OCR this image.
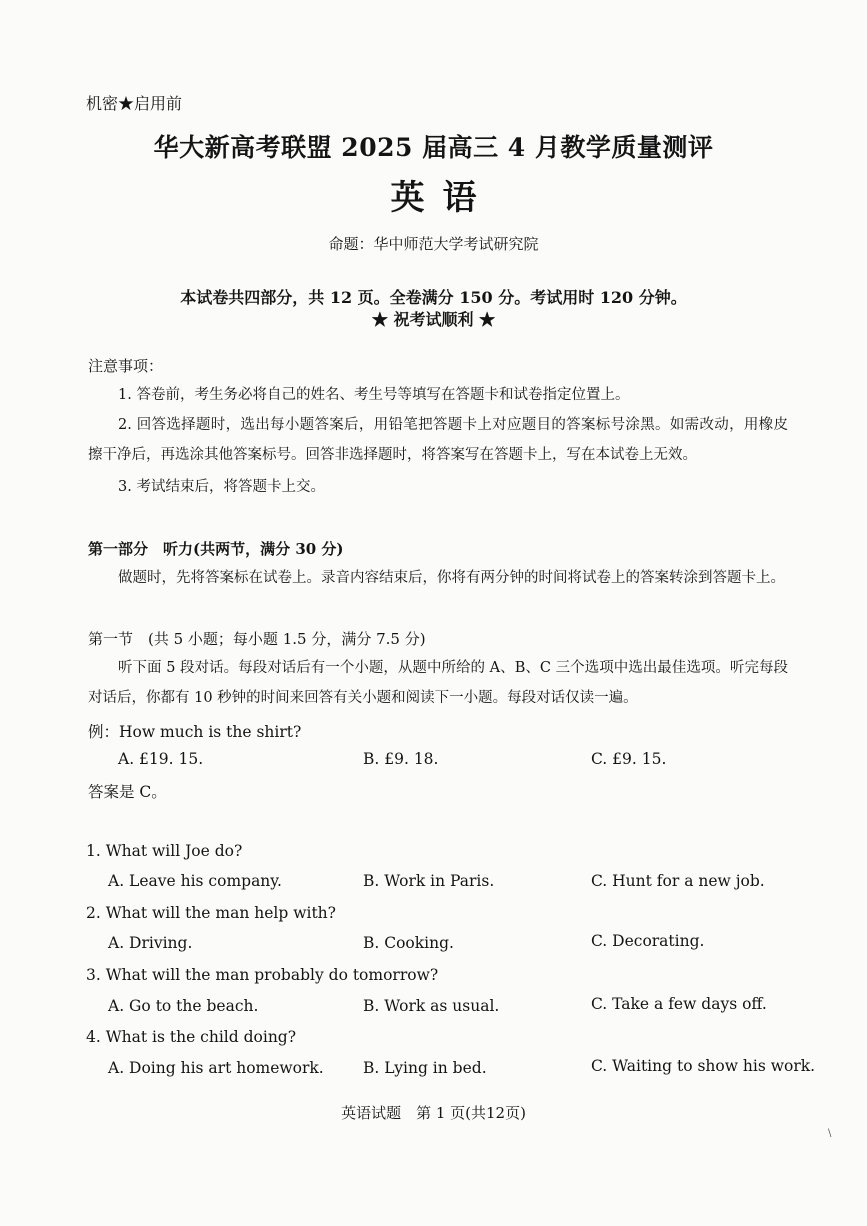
机密★启用前
华大新高考联盟 2025 届高三 4 月教学质量测评
英语
命题：华中师范大学考试研究院
本试卷共四部分，共 12 页。全卷满分 150 分。考试用时 120 分钟。
★ 祝考试顺利 ★
注意事项：
1. 答卷前，考生务必将自己的姓名、考生号等填写在答题卡和试卷指定位置上。
2. 回答选择题时，选出每小题答案后，用铅笔把答题卡上对应题目的答案标号涂黑。如需改动，用橡皮擦干净后，再选涂其他答案标号。回答非选择题时，将答案写在答题卡上，写在本试卷上无效。
3. 考试结束后，将答题卡上交。
第一部分　听力(共两节，满分 30 分)
做题时，先将答案标在试卷上。录音内容结束后，你将有两分钟的时间将试卷上的答案转涂到答题卡上。
第一节　(共 5 小题；每小题 1.5 分，满分 7.5 分)
听下面 5 段对话。每段对话后有一个小题，从题中所给的 A、B、C 三个选项中选出最佳选项。听完每段对话后，你都有 10 秒钟的时间来回答有关小题和阅读下一小题。每段对话仅读一遍。
例：How much is the shirt?
A. £19. 15.	B. £9. 18.	C. £9. 15.
答案是 C。
1. What will Joe do?
A. Leave his company.	B. Work in Paris.	C. Hunt for a new job.
2. What will the man help with?
A. Driving.	B. Cooking.	C. Decorating.
3. What will the man probably do tomorrow?
A. Go to the beach.	B. Work as usual.	C. Take a few days off.
4. What is the child doing?
A. Doing his art homework.	B. Lying in bed.	C. Waiting to show his work.
英语试题　第 1 页(共12页)
\
